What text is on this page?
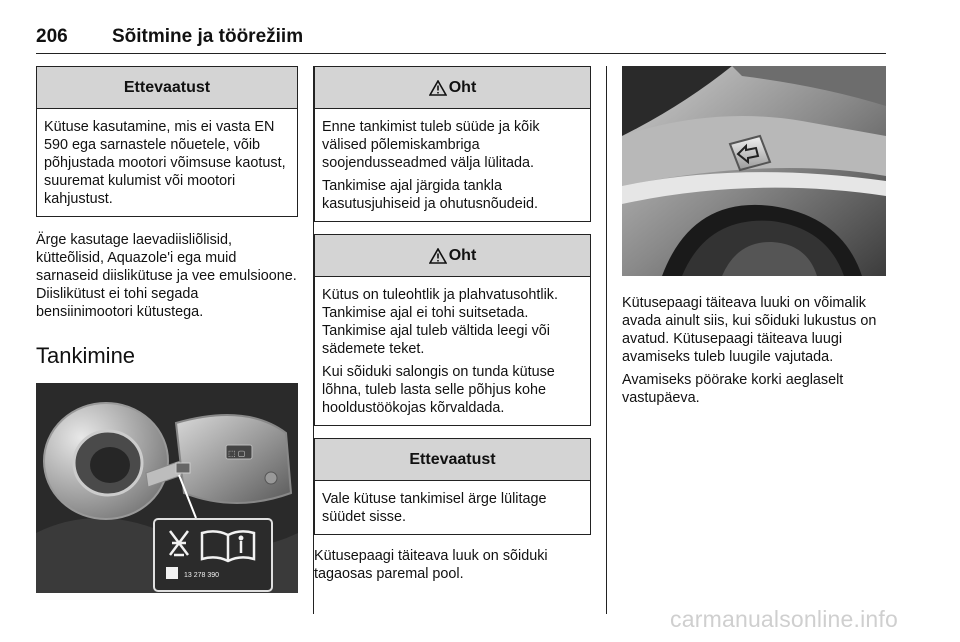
206	Sõitmine ja töörežiim
Ettevaatust
Kütuse kasutamine, mis ei vasta EN 590 ega sarnastele nõuetele, võib põhjustada mootori võimsuse kaotust, suuremat kulumist või mootori kahjustust.
Ärge kasutage laevadiisliõlisid, kütteõlisid, Aquazole'i ega muid sarnaseid diislikütuse ja vee emulsioone. Diislikütust ei tohi segada bensiinimootori kütustega.
Tankimine
⬚ ▢
13 278 390
Oht

Enne tankimist tuleb süüde ja kõik välised põlemiskambriga soojendusseadmed välja lülitada.

Tankimise ajal järgida tankla kasutusjuhiseid ja ohutusnõudeid.

Oht

Kütus on tuleohtlik ja plahvatusohtlik. Tankimise ajal ei tohi suitsetada. Tankimise ajal tuleb vältida leegi või sädemete teket.

Kui sõiduki salongis on tunda kütuse lõhna, tuleb lasta selle põhjus kohe hooldustöökojas kõrvaldada.

Ettevaatust
Vale kütuse tankimisel ärge lülitage süüdet sisse.
Kütusepaagi täiteava luuk on sõiduki tagaosas paremal pool.

Kütusepaagi täiteava luuki on võimalik avada ainult siis, kui sõiduki lukustus on avatud. Kütusepaagi täiteava luugi avamiseks tuleb luugile vajutada.

Avamiseks pöörake korki aeglaselt vastupäeva.

carmanualsonline.info
